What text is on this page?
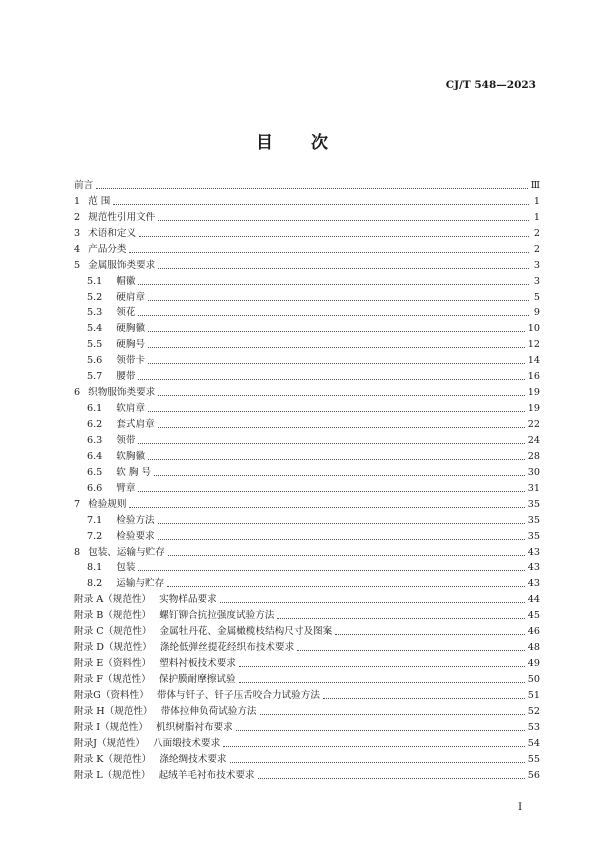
CJ/T 548—2023
目 次
前言	Ⅲ
1 范 围	1
2 规范性引用文件	1
3 术语和定义	2
4 产品分类	2
5 金属服饰类要求	3
5.1 帽徽	3
5.2 硬肩章	5
5.3 领花	9
5.4 硬胸徽	10
5.5 硬胸号	12
5.6 领带卡	14
5.7 腰带	16
6 织物服饰类要求	19
6.1 软肩章	19
6.2 套式肩章	22
6.3 领带	24
6.4 软胸徽	28
6.5 软 胸 号	30
6.6 臂章	31
7 检验规则	35
7.1 检验方法	35
7.2 检验要求	35
8 包装、运输与贮存	43
8.1 包装	43
8.2 运输与贮存	43
附录 A（规范性） 实物样品要求	44
附录 B（规范性） 螺钉铆合抗拉强度试验方法	45
附录 C（规范性） 金属牡丹花、金属橄榄枝结构尺寸及图案	46
附录 D（规范性） 涤纶低弹丝提花经织布技术要求	48
附录 E（资料性） 塑料衬板技术要求	49
附录 F（规范性） 保护膜耐摩擦试验	50
附录G（资料性） 带体与钎子、钎子压舌咬合力试验方法	51
附录 H（规范性） 带体拉伸负荷试验方法	52
附录 I（规范性） 机织树脂衬布要求	53
附录J（规范性） 八面缎技术要求	54
附录 K（规范性） 涤纶绸技术要求	55
附录 L（规范性） 起绒羊毛衬布技术要求	56
I
